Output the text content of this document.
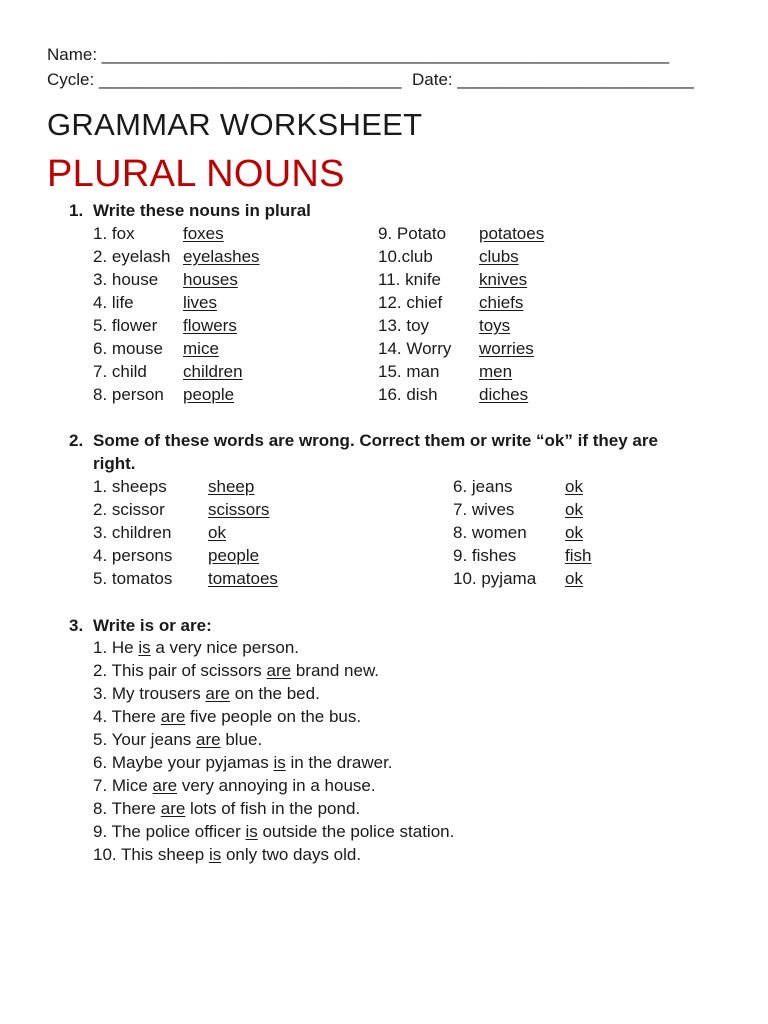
Name: ____________________________________________________________
Cycle: ________________________________ Date: _________________________
GRAMMAR WORKSHEET
PLURAL NOUNS
1. Write these nouns in plural
1. fox	foxes
2. eyelash eyelashes
3. house houses
4. life	lives
5. flower flowers
6. mouse mice
7. child children
8. person people
9. Potato potatoes
10.club	clubs
11. knife knives
12. chief chiefs
13. toy	toys
14. Worry worries
15. man men
16. dish diches
2. Some of these words are wrong. Correct them or write “ok” if they are
right.
1. sheeps sheep
2. scissor	scissors
3. children ok
4. persons people
5. tomatos tomatoes
6. jeans	ok
7. wives	ok
8. women ok
9. fishes	fish
10. pyjama ok
3. Write is or are:
1. He is a very nice person.
2. This pair of scissors are brand new.
3. My trousers are on the bed.
4. There are five people on the bus.
5. Your jeans are blue.
6. Maybe your pyjamas is in the drawer.
7. Mice are very annoying in a house.
8. There are lots of fish in the pond.
9. The police officer is outside the police station.
10. This sheep is only two days old.
